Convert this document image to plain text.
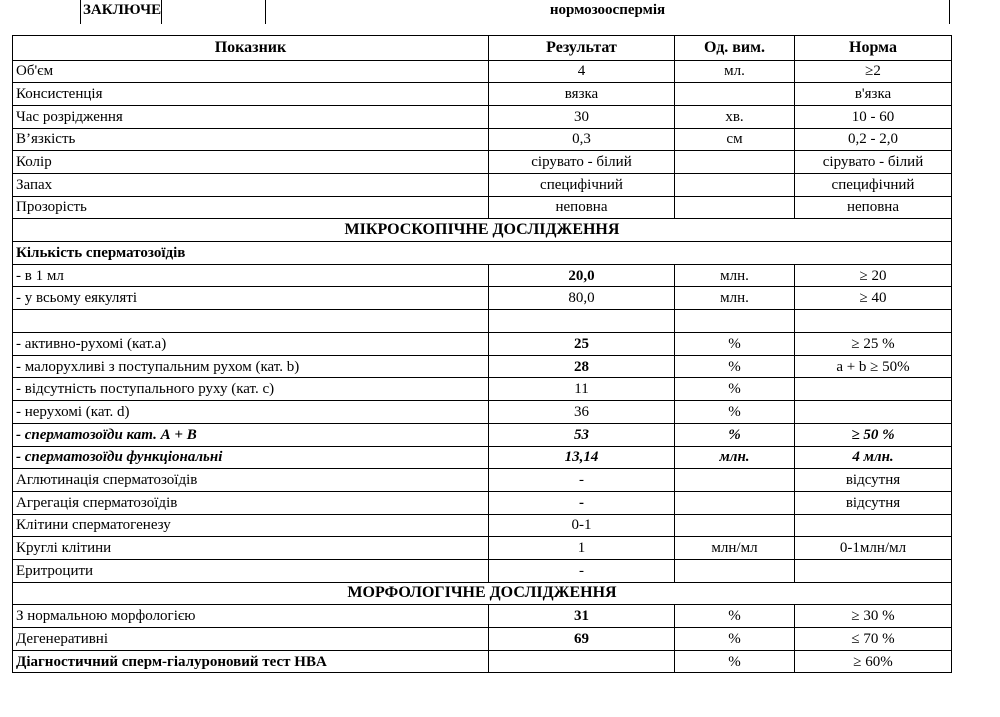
ЗАКЛЮЧЕ	нормозооспермія
Показник	Результат	Од. вим.	Норма
Об'єм	4	мл.	≥2
Консистенція	вязка		в'язка
Час розрідження	30	хв.	10 - 60
В’язкість	0,3	см	0,2 - 2,0
Колір	сірувато - білий		сірувато - білий
Запах	специфічний		специфічний
Прозорість	неповна		неповна
МІКРОСКОПІЧНЕ ДОСЛІДЖЕННЯ			
Кількість сперматозоїдів			
- в 1 мл	20,0	млн.	≥ 20
- у всьому еякуляті	80,0	млн.	≥ 40

- активно-рухомі (кат.а)	25	%	≥ 25 %
- малорухливі з поступальним рухом (кат. b)	28	%	a + b ≥ 50%
- відсутність поступального руху (кат. c)	11	%	
- нерухомі (кат. d)	36	%	
- сперматозоїди кат. А + В	53	%	≥ 50 %
- сперматозоїди функціональні	13,14	млн.	4 млн.
Аглютинація сперматозоїдів	-		відсутня
Агрегація сперматозоїдів	-		відсутня
Клітини сперматогенезу	0-1		
Круглі клітини	1	млн/мл	0-1млн/мл
Еритроцити	-		
МОРФОЛОГІЧНЕ ДОСЛІДЖЕННЯ			
З нормальною морфологією	31	%	≥ 30 %
Дегенеративні	69	%	≤ 70 %
Діагностичний сперм-гіалуроновий тест HBA		%	≥ 60%
